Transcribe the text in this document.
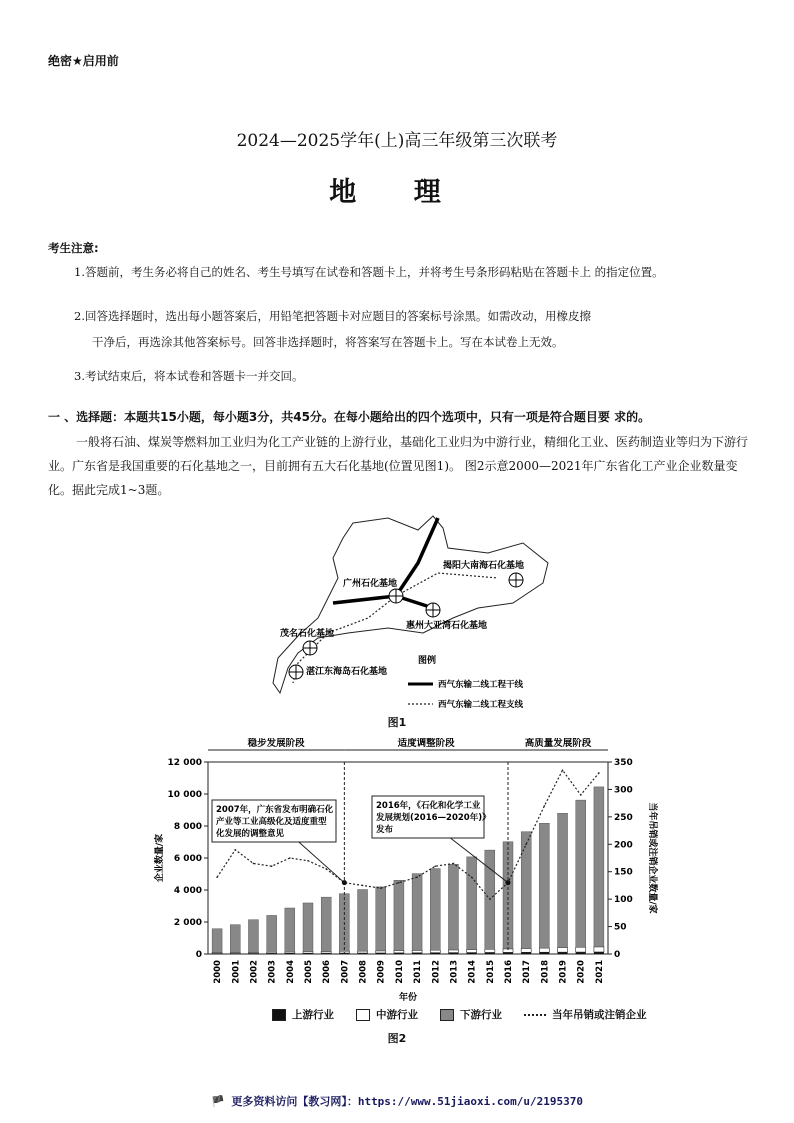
绝密★启用前
2024—2025学年(上)高三年级第三次联考
地 理
考生注意:
1.答题前，考生务必将自己的姓名、考生号填写在试卷和答题卡上，并将考生号条形码粘贴在答题卡上 的指定位置。
2.回答选择题时，选出每小题答案后，用铅笔把答题卡对应题目的答案标号涂黑。如需改动，用橡皮擦
干净后，再选涂其他答案标号。回答非选择题时，将答案写在答题卡上。写在本试卷上无效。
3.考试结束后，将本试卷和答题卡一并交回。
一 、选择题：本题共15小题，每小题3分，共45分。在每小题给出的四个选项中，只有一项是符合题目要 求的。
一般将石油、煤炭等燃料加工业归为化工产业链的上游行业，基础化工业归为中游行业，精细化工业、医药制造业等归为下游行业。广东省是我国重要的石化基地之一，目前拥有五大石化基地(位置见图1)。 图2示意2000—2021年广东省化工产业企业数量变化。据此完成1~3题。
广州石化基地
揭阳大南海石化基地
惠州大亚湾石化基地
茂名石化基地
湛江东海岛石化基地
图例
西气东输二线工程干线
西气东输二线工程支线
图1
0
2 000
4 000
6 000
8 000
10 000
12 000
0
50
100
150
200
250
300
350
企业数量/家	当年吊销或注销企业数量/家
年份
2000 2001 2002 2003 2004 2005 2006 2007 2008 2009 2010 2011 2012 2013 2014 2015 2016 2017 2018 2019 2020 2021
稳步发展阶段	适度调整阶段	高质量发展阶段
2007年，广东省发布明确石化
产业等工业高级化及适度重型
化发展的调整意见
2016年，《石化和化学工业
发展规划(2016—2020年)》
发布
上游行业	中游行业	下游行业	当年吊销或注销企业
图2
🏴 更多资料访问【教习网】：https://www.51jiaoxi.com/u/2195370
